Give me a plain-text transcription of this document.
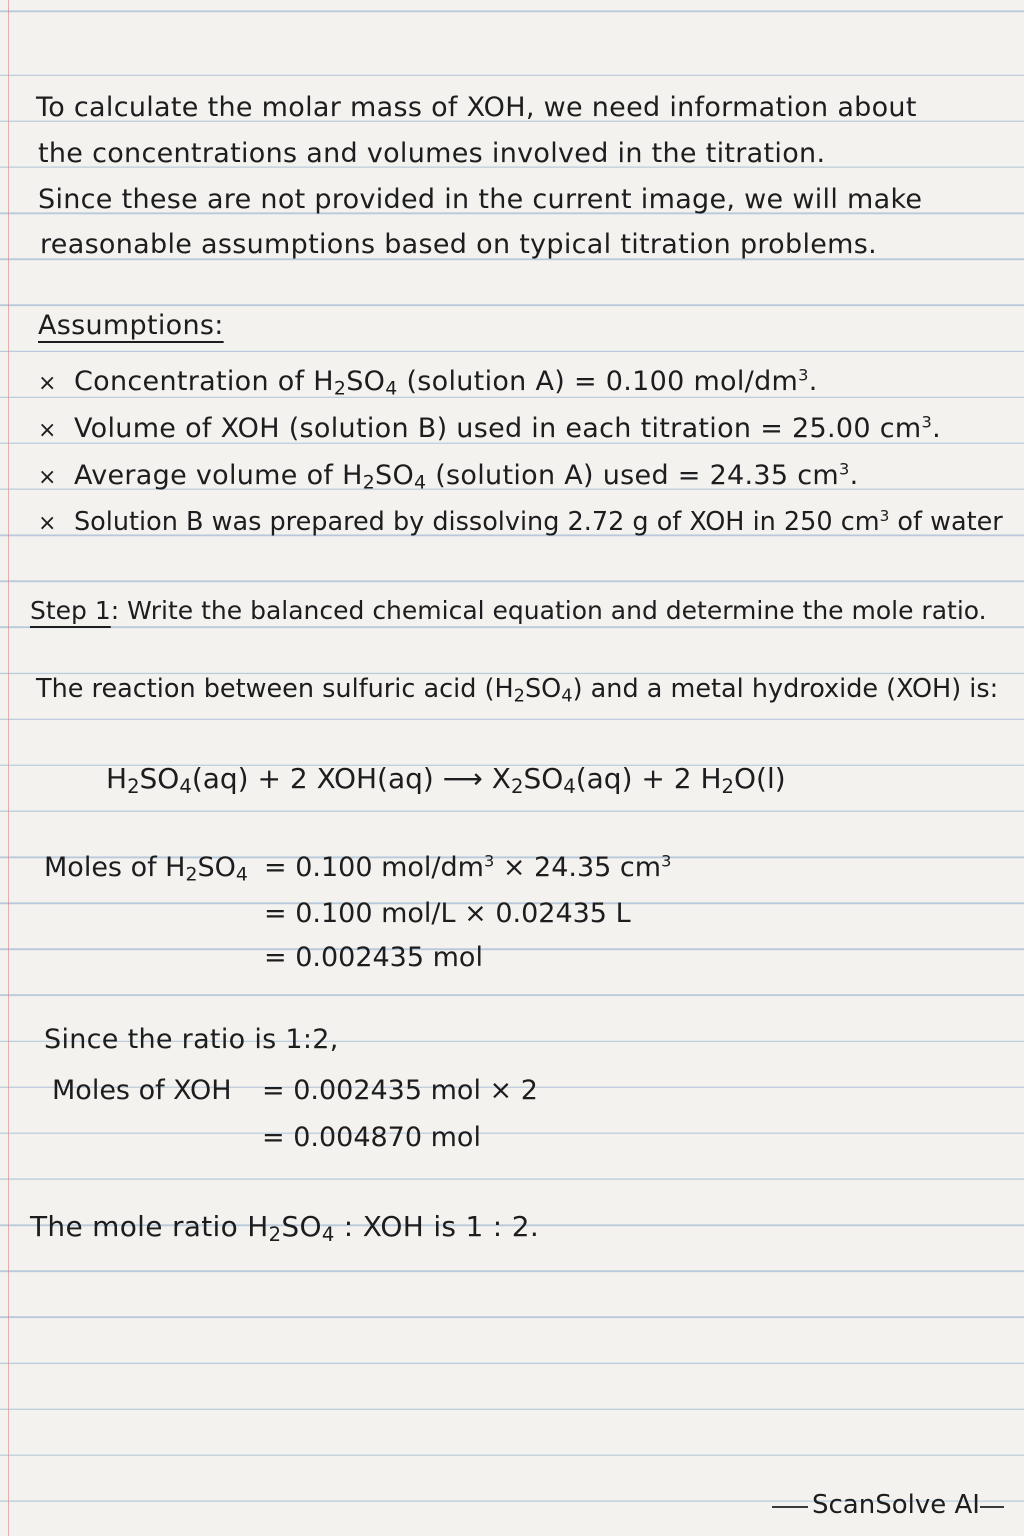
To calculate the molar mass of XOH, we need information about
the concentrations and volumes involved in the titration.
Since these are not provided in the current image, we will make
reasonable assumptions based on typical titration problems.
Assumptions:
× Concentration of $H_2SO_4$ (solution A) = 0.100 mol/$dm^3$.
× Volume of XOH (solution B) used in each titration = 25.00 $cm^3$.
× Average volume of $H_2SO_4$ (solution A) used = 24.35 $cm^3$.
× Solution B was prepared by dissolving 2.72 g of XOH in 250 $cm^3$ of water
Step 1: Write the balanced chemical equation and determine the mole ratio.
The reaction between sulfuric acid $(H_2SO_4)$ and a metal hydroxide (XOH) is:
$H_2SO_4(aq) + 2$ XOH(aq) ⟶ $X_2SO_4(aq) + 2$ $H_2O(l)$
Moles of $H_2SO_4 = 0.100$ mol/$dm^3 \times 24.35$ $cm^3$
= 0.100 mol/L × 0.02435 L
= 0.002435 mol
Since the ratio is 1:2,
Moles of XOH = 0.002435 mol × 2
= 0.004870 mol
The mole ratio $H_2SO_4$ : XOH is 1 : 2.
ScanSolve AI
